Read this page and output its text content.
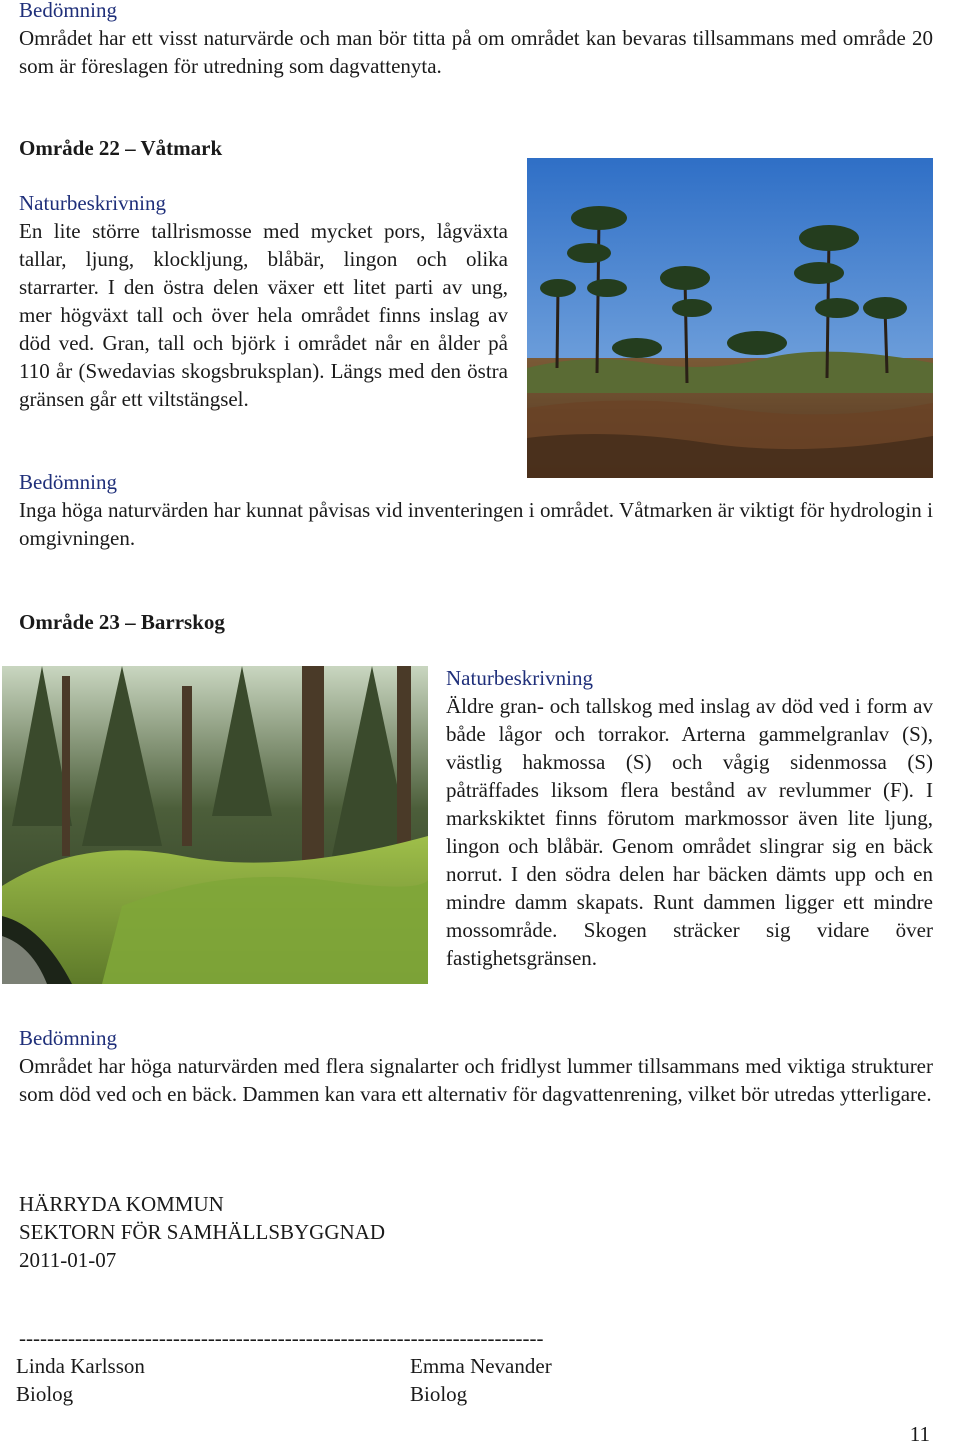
Bedömning
Området har ett visst naturvärde och man bör titta på om området kan bevaras tillsammans med område 20 som är föreslagen för utredning som dagvattenyta.
Område 22 – Våtmark
Naturbeskrivning
En lite större tallrismosse med mycket pors, lågväxta tallar, ljung, klockljung, blåbär, lingon och olika starrarter. I den östra delen växer ett litet parti av ung, mer högväxt tall och över hela området finns inslag av död ved. Gran, tall och björk i området når en ålder på 110 år (Swedavias skogsbruksplan). Längs med den östra gränsen går ett viltstängsel.
Bedömning
Inga höga naturvärden har kunnat påvisas vid inventeringen i området. Våtmarken är viktigt för hydrologin i omgivningen.
Område 23 – Barrskog
Naturbeskrivning
Äldre gran- och tallskog med inslag av död ved i form av både lågor och torrakor. Arterna gammelgranlav (S), västlig hakmossa (S) och vågig sidenmossa (S) påträffades liksom flera bestånd av revlummer (F). I markskiktet finns förutom markmossor även lite ljung, lingon och blåbär. Genom området slingrar sig en bäck norrut. I den södra delen har bäcken dämts upp och en mindre damm skapats. Runt dammen ligger ett mindre mossområde. Skogen sträcker sig vidare över fastighetsgränsen.
Bedömning
Området har höga naturvärden med flera signalarter och fridlyst lummer tillsammans med viktiga strukturer som död ved och en bäck. Dammen kan vara ett alternativ för dagvattenrening, vilket bör utredas ytterligare.
HÄRRYDA KOMMUN
SEKTORN FÖR SAMHÄLLSBYGGNAD
2011-01-07
---------------------------------------------------------------------------
Linda Karlsson
Biolog
Emma Nevander
Biolog
11
